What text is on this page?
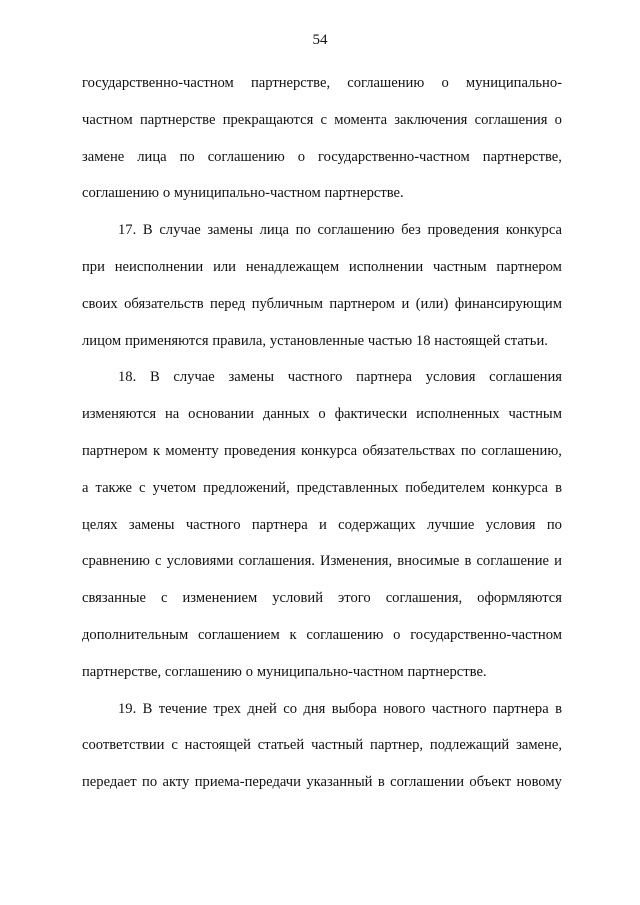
54
государственно-частном партнерстве, соглашению о муниципально-
частном партнерстве прекращаются с момента заключения соглашения о
замене лица по соглашению о государственно-частном партнерстве,
соглашению о муниципально-частном партнерстве.
17. В случае замены лица по соглашению без проведения конкурса
при неисполнении или ненадлежащем исполнении частным партнером
своих обязательств перед публичным партнером и (или) финансирующим
лицом применяются правила, установленные частью 18 настоящей статьи.
18. В случае замены частного партнера условия соглашения
изменяются на основании данных о фактически исполненных частным
партнером к моменту проведения конкурса обязательствах по соглашению,
а также с учетом предложений, представленных победителем конкурса в
целях замены частного партнера и содержащих лучшие условия по
сравнению с условиями соглашения. Изменения, вносимые в соглашение и
связанные с изменением условий этого соглашения, оформляются
дополнительным соглашением к соглашению о государственно-частном
партнерстве, соглашению о муниципально-частном партнерстве.
19. В течение трех дней со дня выбора нового частного партнера в
соответствии с настоящей статьей частный партнер, подлежащий замене,
передает по акту приема-передачи указанный в соглашении объект новому
